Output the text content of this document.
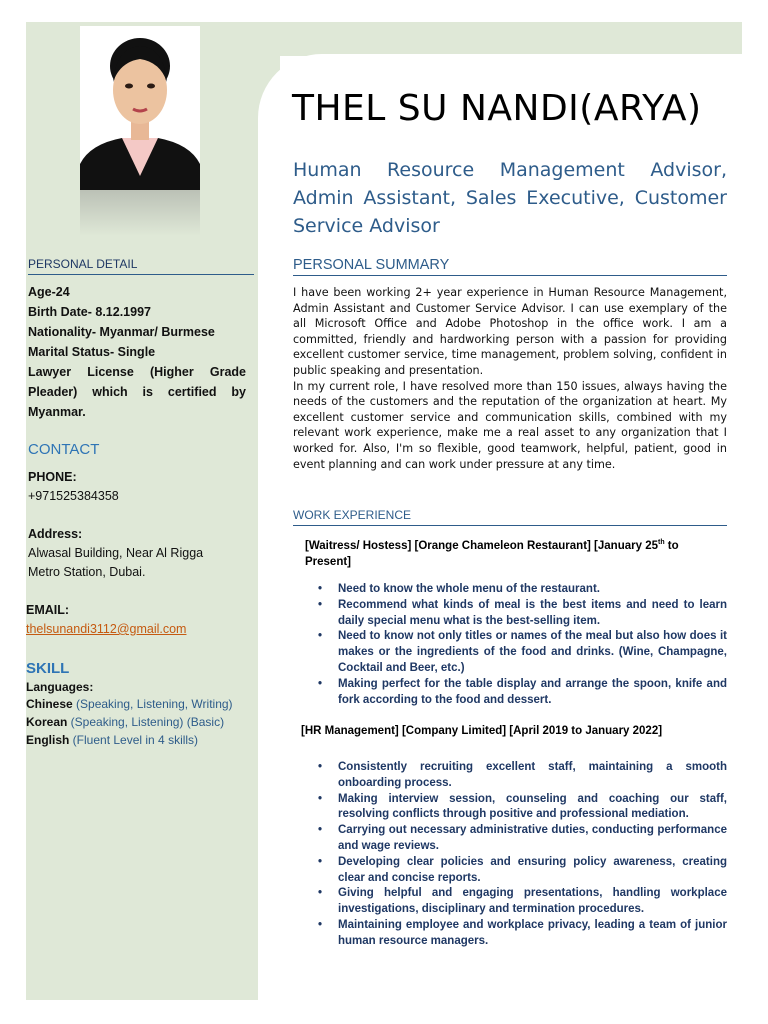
PERSONAL DETAIL
Age-24
Birth Date- 8.12.1997
Nationality- Myanmar/ Burmese
Marital Status- Single
Lawyer License (Higher Grade
Pleader) which is certified by
Myanmar.
CONTACT
PHONE:
+971525384358
Address:
Alwasal Building, Near Al Rigga
Metro Station, Dubai.
EMAIL:
thelsunandi3112@gmail.com
SKILL
Languages:
Chinese (Speaking, Listening, Writing)
Korean (Speaking, Listening) (Basic)
English (Fluent Level in 4 skills)
THEL SU NANDI(ARYA)
Human Resource Management Advisor, Admin Assistant, Sales Executive, Customer Service Advisor
PERSONAL SUMMARY

I have been working 2+ year experience in Human Resource Management, Admin Assistant and Customer Service Advisor. I can use exemplary of the all Microsoft Office and Adobe Photoshop in the office work. I am a committed, friendly and hardworking person with a passion for providing excellent customer service, time management, problem solving, confident in public speaking and presentation.

In my current role, I have resolved more than 150 issues, always having the needs of the customers and the reputation of the organization at heart. My excellent customer service and communication skills, combined with my relevant work experience, make me a real asset to any organization that I worked for. Also, I'm so flexible, good teamwork, helpful, patient, good in event planning and can work under pressure at any time.

WORK EXPERIENCE
[Waitress/ Hostess] [Orange Chameleon Restaurant] [January 25th to
Present]
• Need to know the whole menu of the restaurant.
• Recommend what kinds of meal is the best items and need to learn daily special menu what is the best-selling item.
• Need to know not only titles or names of the meal but also how does it makes or the ingredients of the food and drinks. (Wine, Champagne, Cocktail and Beer, etc.)
• Making perfect for the table display and arrange the spoon, knife and fork according to the food and dessert.
[HR Management] [Company Limited] [April 2019 to January 2022]
• Consistently recruiting excellent staff, maintaining a smooth onboarding process.
• Making interview session, counseling and coaching our staff, resolving conflicts through positive and professional mediation.
• Carrying out necessary administrative duties, conducting performance and wage reviews.
• Developing clear policies and ensuring policy awareness, creating clear and concise reports.
• Giving helpful and engaging presentations, handling workplace investigations, disciplinary and termination procedures.
• Maintaining employee and workplace privacy, leading a team of junior human resource managers.
